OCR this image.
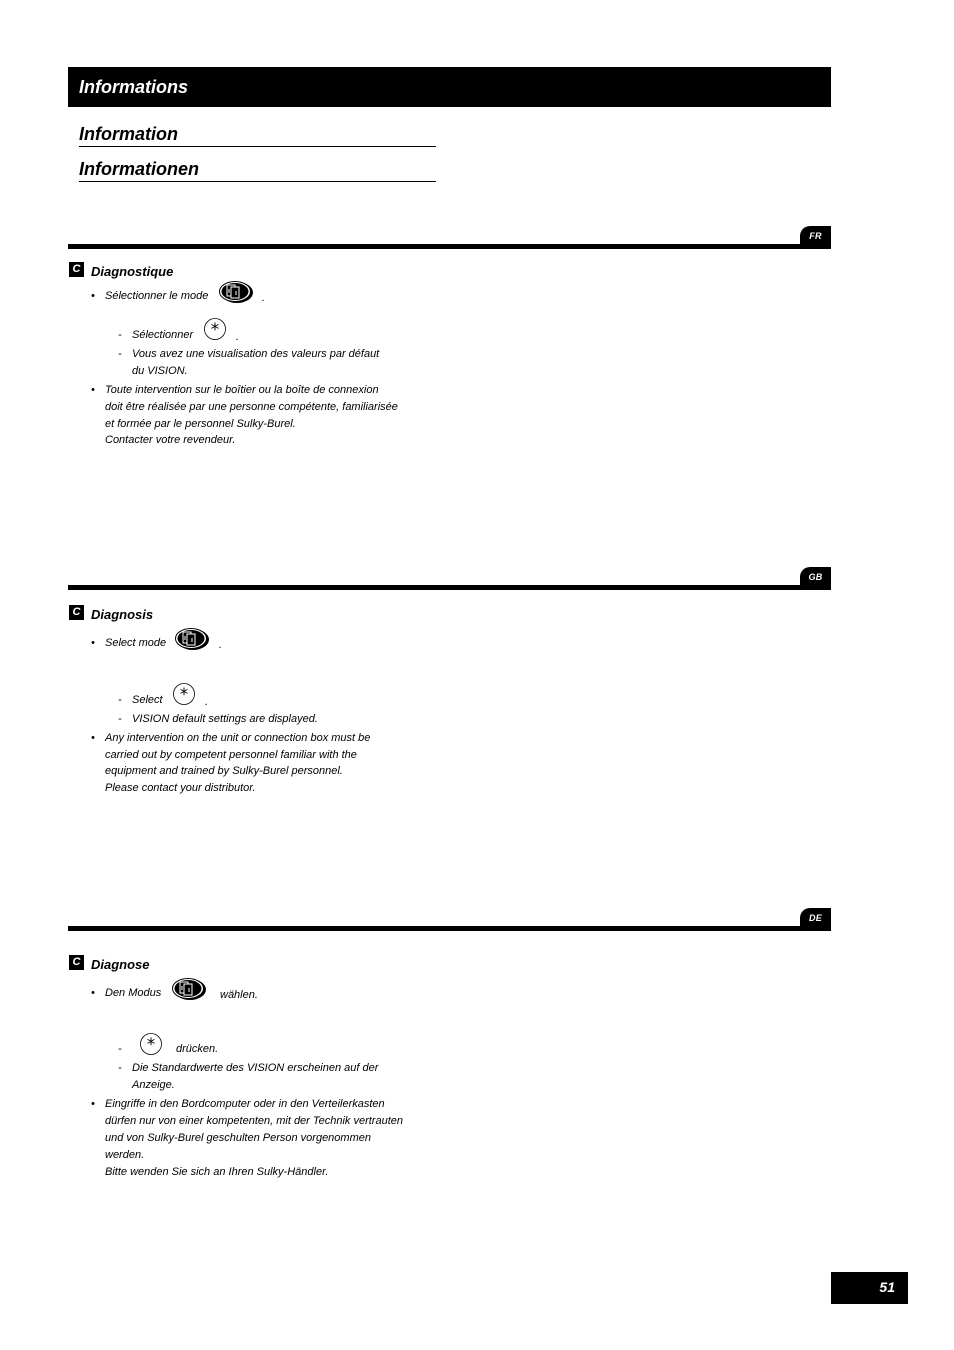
Informations
Information
Informationen
FR
C Diagnostique
• Sélectionner le mode	.
- Sélectionner * .
- Vous avez une visualisation des valeurs par défaut
du VISION.
• Toute intervention sur le boîtier ou la boîte de connexion
doit être réalisée par une personne compétente, familiarisée
et formée par le personnel Sulky-Burel.
Contacter votre revendeur.
GB
C Diagnosis
• Select mode	.
- Select * .
- VISION default settings are displayed.
• Any intervention on the unit or connection box must be
carried out by competent personnel familiar with the
equipment and trained by Sulky-Burel personnel.
Please contact your distributor.
DE
C Diagnose
• Den Modus	wählen.
- * drücken.
- Die Standardwerte des VISION erscheinen auf der
Anzeige.
• Eingriffe in den Bordcomputer oder in den Verteilerkasten
dürfen nur von einer kompetenten, mit der Technik vertrauten
und von Sulky-Burel geschulten Person vorgenommen
werden.
Bitte wenden Sie sich an Ihren Sulky-Händler.
51
